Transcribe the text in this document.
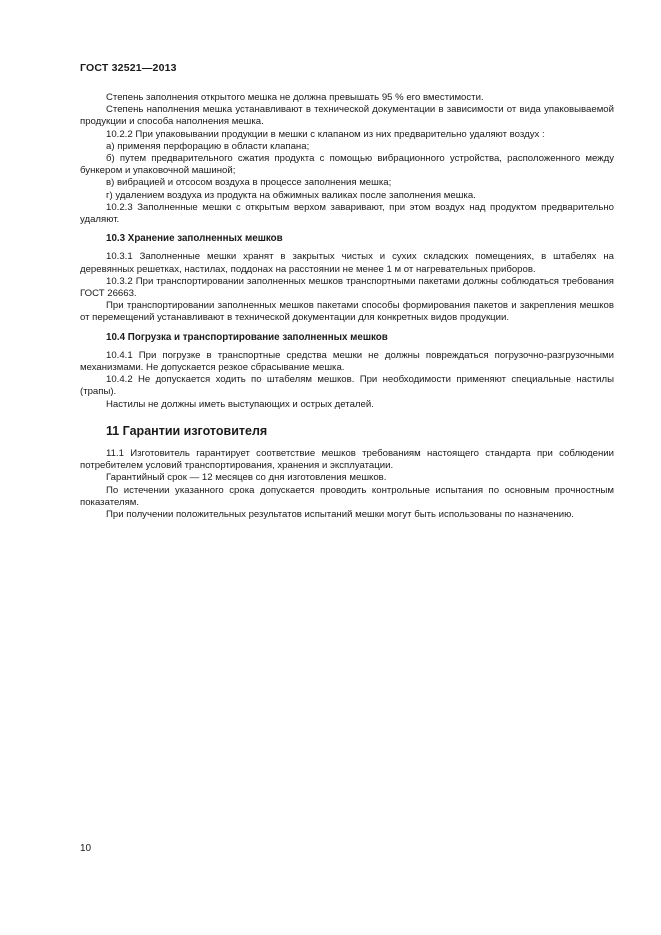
ГОСТ 32521—2013

Степень заполнения открытого мешка не должна превышать 95 % его вместимости.

Степень наполнения мешка устанавливают в технической документации в зависимости от вида упаковываемой продукции и способа наполнения мешка.

10.2.2 При упаковывании продукции в мешки с клапаном из них предварительно удаляют воздух :

а) применяя перфорацию в области клапана;

б) путем предварительного сжатия продукта с помощью вибрационного устройства, расположенного между бункером и упаковочной машиной;

в) вибрацией и отсосом воздуха в процессе заполнения мешка;

г) удалением воздуха из продукта на обжимных валиках после заполнения мешка.

10.2.3 Заполненные мешки с открытым верхом заваривают, при этом воздух над продуктом предварительно удаляют.

10.3 Хранение заполненных мешков

10.3.1 Заполненные мешки хранят в закрытых чистых и сухих складских помещениях, в штабелях на деревянных решетках, настилах, поддонах на расстоянии не менее 1 м от нагревательных приборов.

10.3.2 При транспортировании заполненных мешков транспортными пакетами должны соблюдаться требования ГОСТ 26663.

При транспортировании заполненных мешков пакетами способы формирования пакетов и закрепления мешков от перемещений устанавливают в технической документации для конкретных видов продукции.

10.4 Погрузка и транспортирование заполненных мешков

10.4.1 При погрузке в транспортные средства мешки не должны повреждаться погрузочно-разгрузочными механизмами. Не допускается резкое сбрасывание мешка.

10.4.2 Не допускается ходить по штабелям мешков. При необходимости применяют специальные настилы (трапы).

Настилы не должны иметь выступающих и острых деталей.

11 Гарантии изготовителя

11.1 Изготовитель гарантирует соответствие мешков требованиям настоящего стандарта при соблюдении потребителем условий транспортирования, хранения и эксплуатации.

Гарантийный срок — 12 месяцев со дня изготовления мешков.

По истечении указанного срока допускается проводить контрольные испытания по основным прочностным показателям.

При получении положительных результатов испытаний мешки могут быть использованы по назначению.

10
